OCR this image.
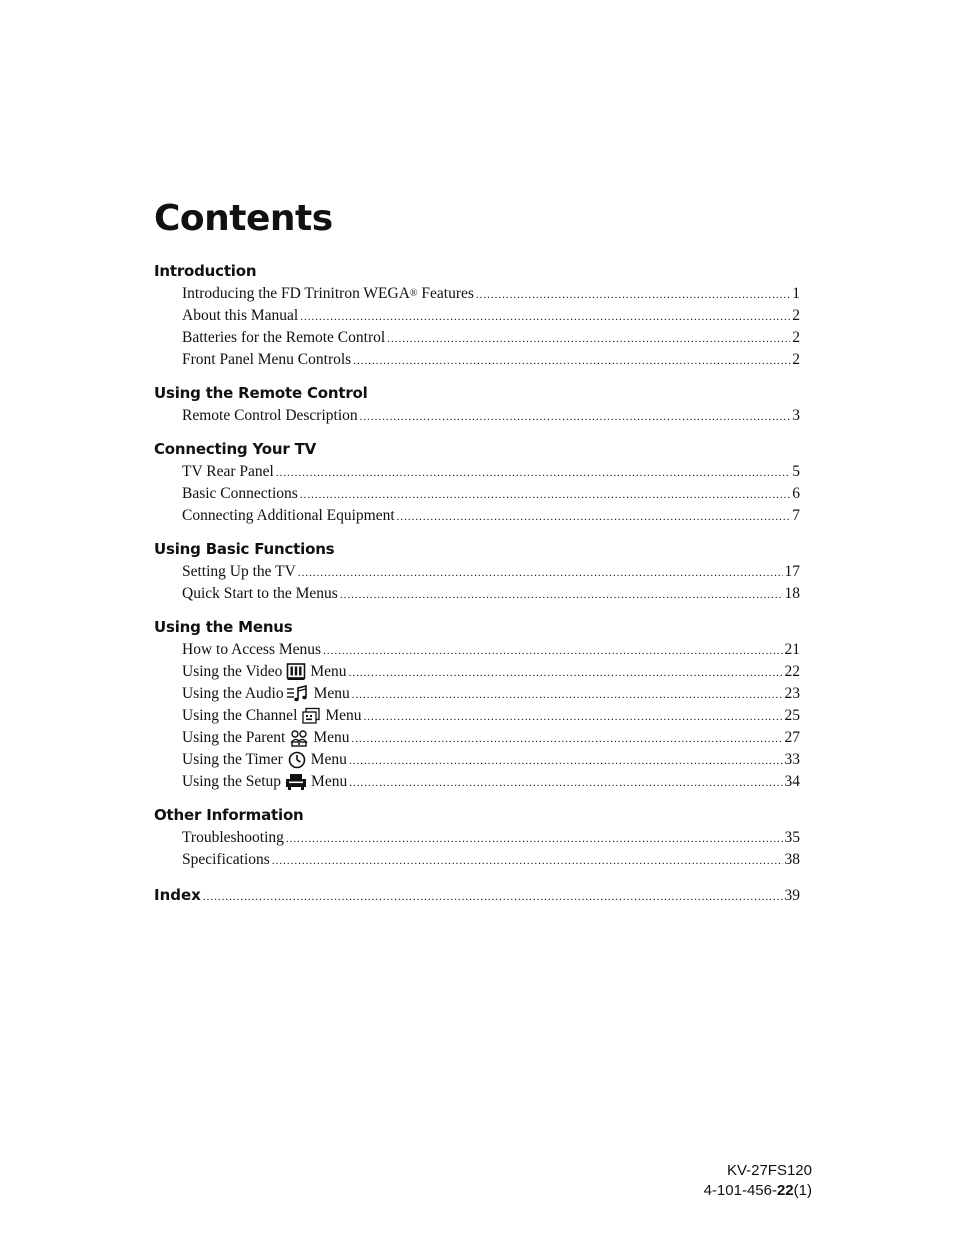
Contents
Introduction
Introducing the FD Trinitron WEGA ®
Features .....	1
About this Manual .....	2
Batteries for the Remote Control .....	2
Front Panel Menu Controls .....	2
Using the Remote Control
Remote Control Description .....	3
Connecting Your TV
TV Rear Panel .....	5
Basic Connections .....	6
Connecting Additional Equipment .....	7
Using Basic Functions
Setting Up the TV .....	17
Quick Start to the Menus .....	18
Using the Menus
How to Access Menus .....	21
Using the Video Menu .....	22
Using the Audio Menu .....	23
Using the Channel Menu .....	25
Using the Parent Menu .....	27
Using the Timer Menu .....	33
Using the Setup Menu .....	34
Other Information
Troubleshooting .....	35
Specifications .....	38
Index .....	39
KV-27FS120
4-101-456-22(1)
